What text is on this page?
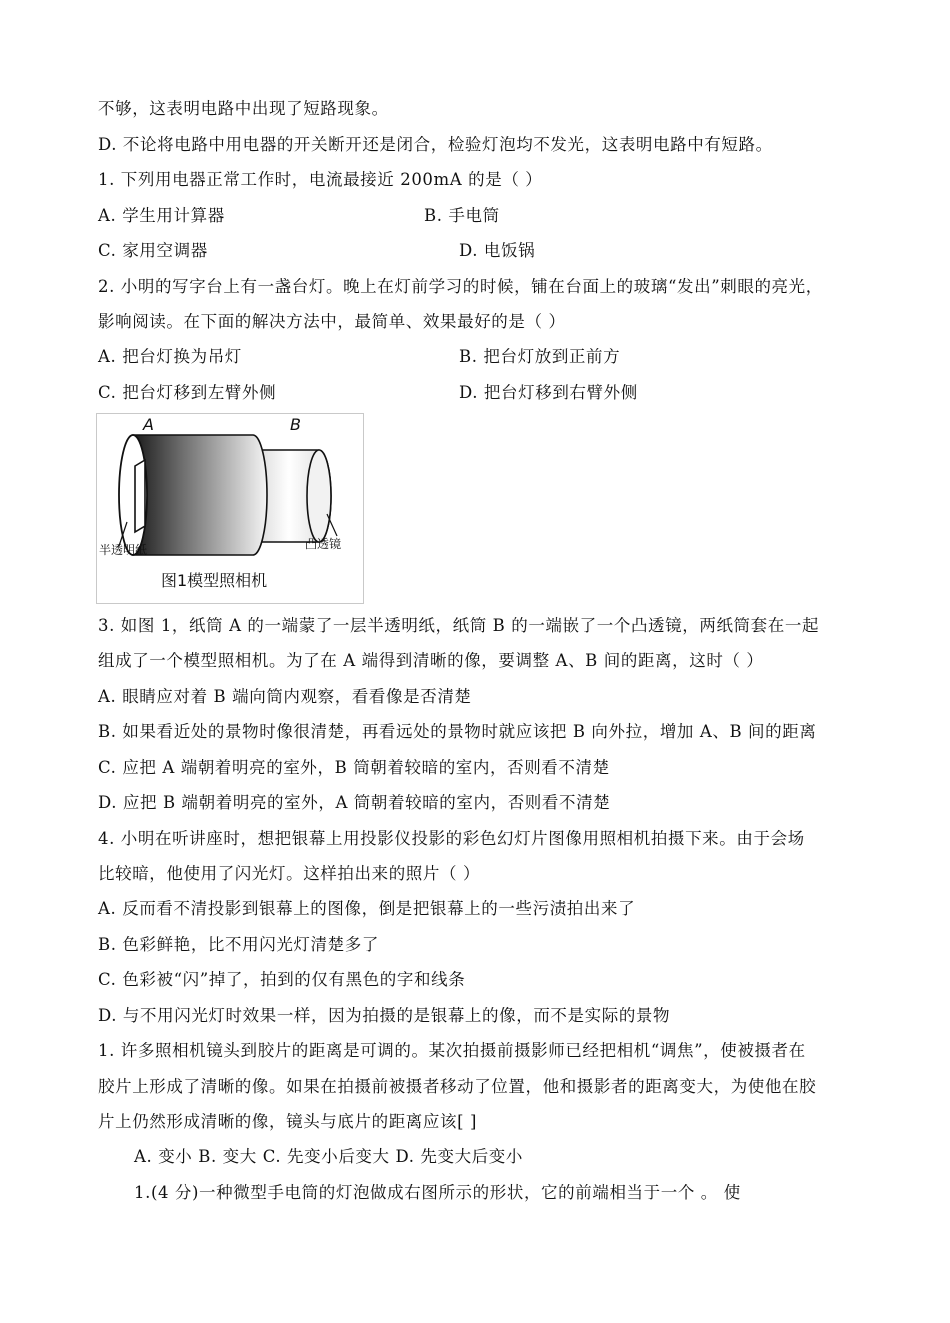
不够，这表明电路中出现了短路现象。
D. 不论将电路中用电器的开关断开还是闭合，检验灯泡均不发光，这表明电路中有短路。
1. 下列用电器正常工作时，电流最接近 200mA 的是（ ）
A. 学生用计算器	B. 手电筒
C. 家用空调器	D. 电饭锅
2. 小明的写字台上有一盏台灯。晚上在灯前学习的时候，铺在台面上的玻璃“发出”刺眼的亮光，
影响阅读。在下面的解决方法中，最简单、效果最好的是（ ）
A. 把台灯换为吊灯	B. 把台灯放到正前方
C. 把台灯移到左臂外侧	D. 把台灯移到右臂外侧
A	B
半透明纸	凸透镜
图1模型照相机
3. 如图 1，纸筒 A 的一端蒙了一层半透明纸，纸筒 B 的一端嵌了一个凸透镜，两纸筒套在一起
组成了一个模型照相机。为了在 A 端得到清晰的像，要调整 A、B 间的距离，这时（ ）
A. 眼睛应对着 B 端向筒内观察，看看像是否清楚
B. 如果看近处的景物时像很清楚，再看远处的景物时就应该把 B 向外拉，增加 A、B 间的距离
C. 应把 A 端朝着明亮的室外，B 筒朝着较暗的室内，否则看不清楚
D. 应把 B 端朝着明亮的室外，A 筒朝着较暗的室内，否则看不清楚
4. 小明在听讲座时，想把银幕上用投影仪投影的彩色幻灯片图像用照相机拍摄下来。由于会场
比较暗，他使用了闪光灯。这样拍出来的照片（ ）
A. 反而看不清投影到银幕上的图像，倒是把银幕上的一些污渍拍出来了
B. 色彩鲜艳，比不用闪光灯清楚多了
C. 色彩被“闪”掉了，拍到的仅有黑色的字和线条
D. 与不用闪光灯时效果一样，因为拍摄的是银幕上的像，而不是实际的景物
1. 许多照相机镜头到胶片的距离是可调的。某次拍摄前摄影师已经把相机“调焦”，使被摄者在
胶片上形成了清晰的像。如果在拍摄前被摄者移动了位置，他和摄影者的距离变大，为使他在胶
片上仍然形成清晰的像，镜头与底片的距离应该[ ]
A. 变小 B. 变大 C. 先变小后变大 D. 先变大后变小
1.(4 分)一种微型手电筒的灯泡做成右图所示的形状，它的前端相当于一个 。 使
